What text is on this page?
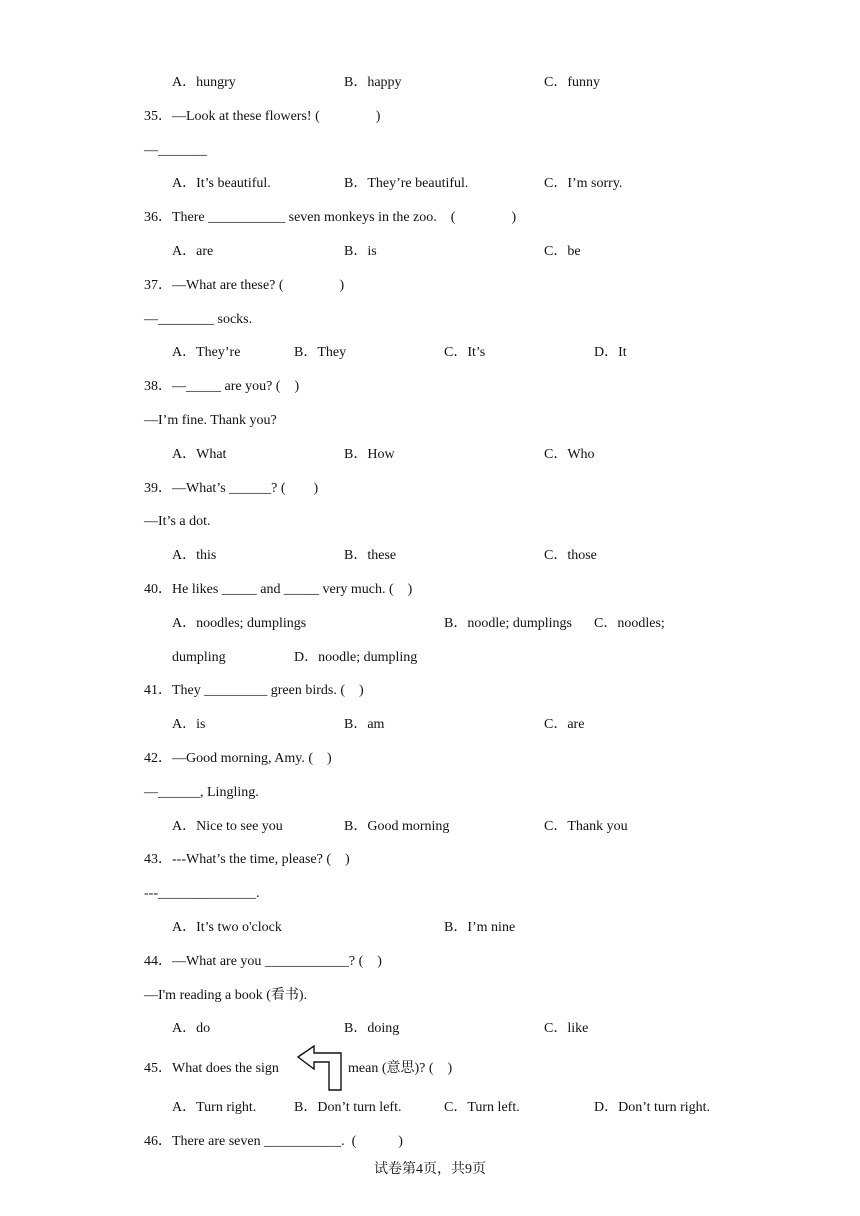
A．hungry	B．happy	C．funny
35．—Look at these flowers! (　　　　)
—_______
A．It’s beautiful.	B．They’re beautiful.	C．I’m sorry.
36．There ___________ seven monkeys in the zoo.　(　　　　)
A．are	B．is	C．be
37．—What are these? (　　　　)
—________ socks.
A．They’re	B．They	C．It’s	D．It
38．—_____ are you? (　)
—I’m fine. Thank you?
A．What	B．How	C．Who
39．—What’s ______? (　　)
—It’s a dot.
A．this	B．these	C．those
40．He likes _____ and _____ very much. (　)
A．noodles; dumplings	B．noodle; dumplings C．noodles;
dumpling	D．noodle; dumpling
41．They _________ green birds. (　)
A．is	B．am	C．are
42．—Good morning, Amy. (　)
—______, Lingling.
A．Nice to see you	B．Good morning	C．Thank you
43．---What’s the time, please? (　)
---______________.
A．It’s two o'clock	B．I’m nine
44．—What are you ____________? (　)
—I'm reading a book (看书).
A．do	B．doing	C．like
45．What does the sign	mean (意思)? (　)
A．Turn right.	B．Don’t turn left.	C．Turn left.	D．Don’t turn right.
46．There are seven ___________.  (　　　)
试卷第4页，共9页
